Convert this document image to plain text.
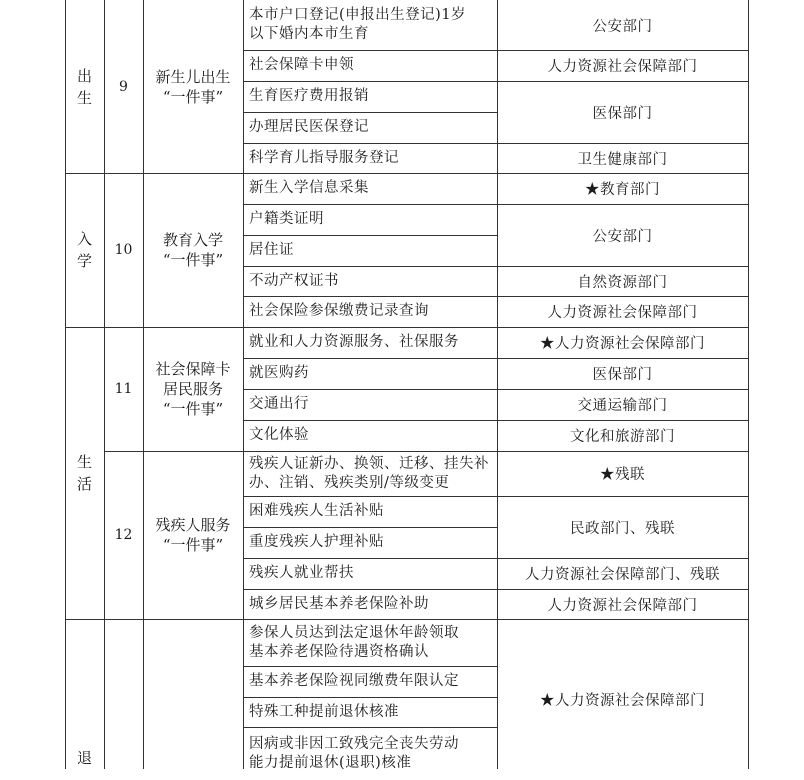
出生
9
新生儿出生
“一件事”
本市户口登记(申报出生登记)1岁
以下婚内本市生育
社会保障卡申领
生育医疗费用报销
办理居民医保登记
科学育儿指导服务登记
公安部门
人力资源社会保障部门
医保部门
卫生健康部门
入学
10
教育入学
“一件事”
新生入学信息采集
户籍类证明
居住证
不动产权证书
社会保险参保缴费记录查询
★教育部门
公安部门
自然资源部门
人力资源社会保障部门
生活
11
社会保障卡
居民服务
“一件事”
就业和人力资源服务、社保服务
就医购药
交通出行
文化体验
★人力资源社会保障部门
医保部门
交通运输部门
文化和旅游部门
12
残疾人服务
“一件事”
残疾人证新办、换领、迁移、挂失补
办、注销、残疾类别/等级变更
困难残疾人生活补贴
重度残疾人护理补贴
残疾人就业帮扶
城乡居民基本养老保险补助
★残联
民政部门、残联
人力资源社会保障部门、残联
人力资源社会保障部门
退
参保人员达到法定退休年龄领取
基本养老保险待遇资格确认
基本养老保险视同缴费年限认定
特殊工种提前退休核准
因病或非因工致残完全丧失劳动
能力提前退休(退职)核准
★人力资源社会保障部门
